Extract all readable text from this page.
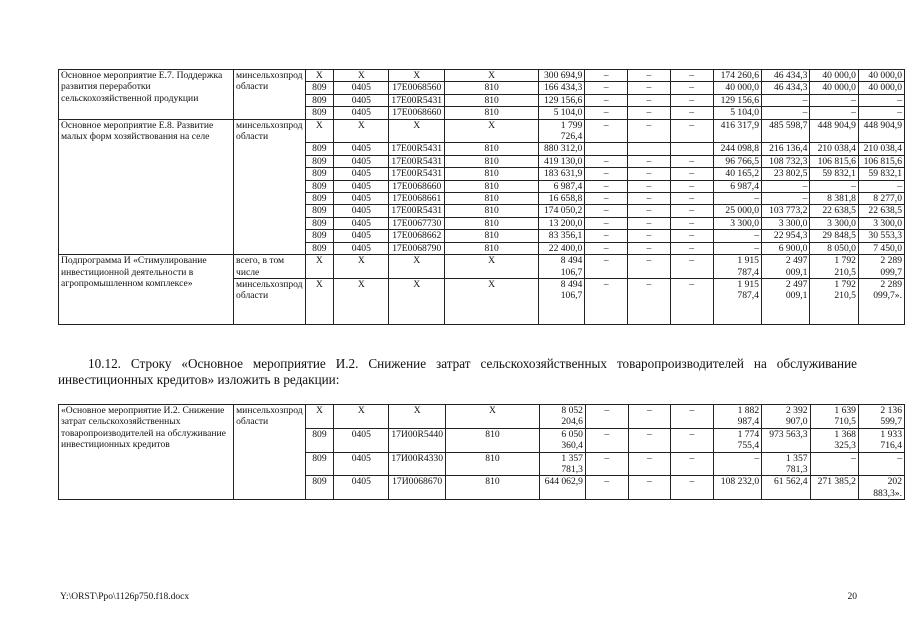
Основное мероприятие Е.7. Поддержка развития переработки сельскохозяйственной продукции	минсельхозпрод области	X	X	X	X	300 694,9	–	–	–	174 260,6	46 434,3	40 000,0	40 000,0
		809	0405	17Е0068560	810	166 434,3	–	–	–	40 000,0	46 434,3	40 000,0	40 000,0
		809	0405	17Е00R5431	810	129 156,6	–	–	–	129 156,6	–	–	–
		809	0405	17Е0068660	810	5 104,0	–	–	–	5 104,0	–	–	–
Основное мероприятие Е.8. Развитие малых форм хозяйствования на селе	минсельхозпрод области	X	X	X	X	1 799 726,4	–	–	–	416 317,9	485 598,7	448 904,9	448 904,9
		809	0405	17Е00R5431	810	880 312,0				244 098,8	216 136,4	210 038,4	210 038,4
		809	0405	17Е00R5431	810	419 130,0	–	–	–	96 766,5	108 732,3	106 815,6	106 815,6
		809	0405	17Е00R5431	810	183 631,9	–	–	–	40 165,2	23 802,5	59 832,1	59 832,1
		809	0405	17Е0068660	810	6 987,4	–	–	–	6 987,4	–	–	–
		809	0405	17Е0068661	810	16 658,8	–	–	–	–	–	8 381,8	8 277,0
		809	0405	17Е00R5431	810	174 050,2	–	–	–	25 000,0	103 773,2	22 638,5	22 638,5
		809	0405	17Е0067730	810	13 200,0	–	–	–	3 300,0	3 300,0	3 300,0	3 300,0
		809	0405	17Е0068662	810	83 356,1	–	–	–	–	22 954,3	29 848,5	30 553,3
		809	0405	17Е0068790	810	22 400,0	–	–	–	–	6 900,0	8 050,0	7 450,0
Подпрограмма И «Стимулирование инвестиционной деятельности в агропромышленном комплексе»	всего, в том числе	X	X	X	X	8 494 106,7	–	–	–	1 915 787,4	2 497 009,1	1 792 210,5	2 289 099,7
	минсельхозпрод области	X	X	X	X	8 494 106,7	–	–	–	1 915 787,4	2 497 009,1	1 792 210,5	2 289 099,7».

10.12. Строку «Основное мероприятие И.2. Снижение затрат сельскохозяйственных товаропроизводителей на обслуживание инвестиционных кредитов» изложить в редакции:

«Основное мероприятие И.2. Снижение затрат сельскохозяйственных товаропроизводителей на обслуживание инвестиционных кредитов	минсельхозпрод области	X	X	X	X	8 052 204,6	–	–	–	1 882 987,4	2 392 907,0	1 639 710,5	2 136 599,7
		809	0405	17И00R5440	810	6 050 360,4	–	–	–	1 774 755,4	973 563,3	1 368 325,3	1 933 716,4
		809	0405	17И00R4330	810	1 357 781,3	–	–	–	–	1 357 781,3	–	–
		809	0405	17И0068670	810	644 062,9	–	–	–	108 232,0	61 562,4	271 385,2	202 883,3».
Y:\ORST\Ppo\1126p750.f18.docx	20
